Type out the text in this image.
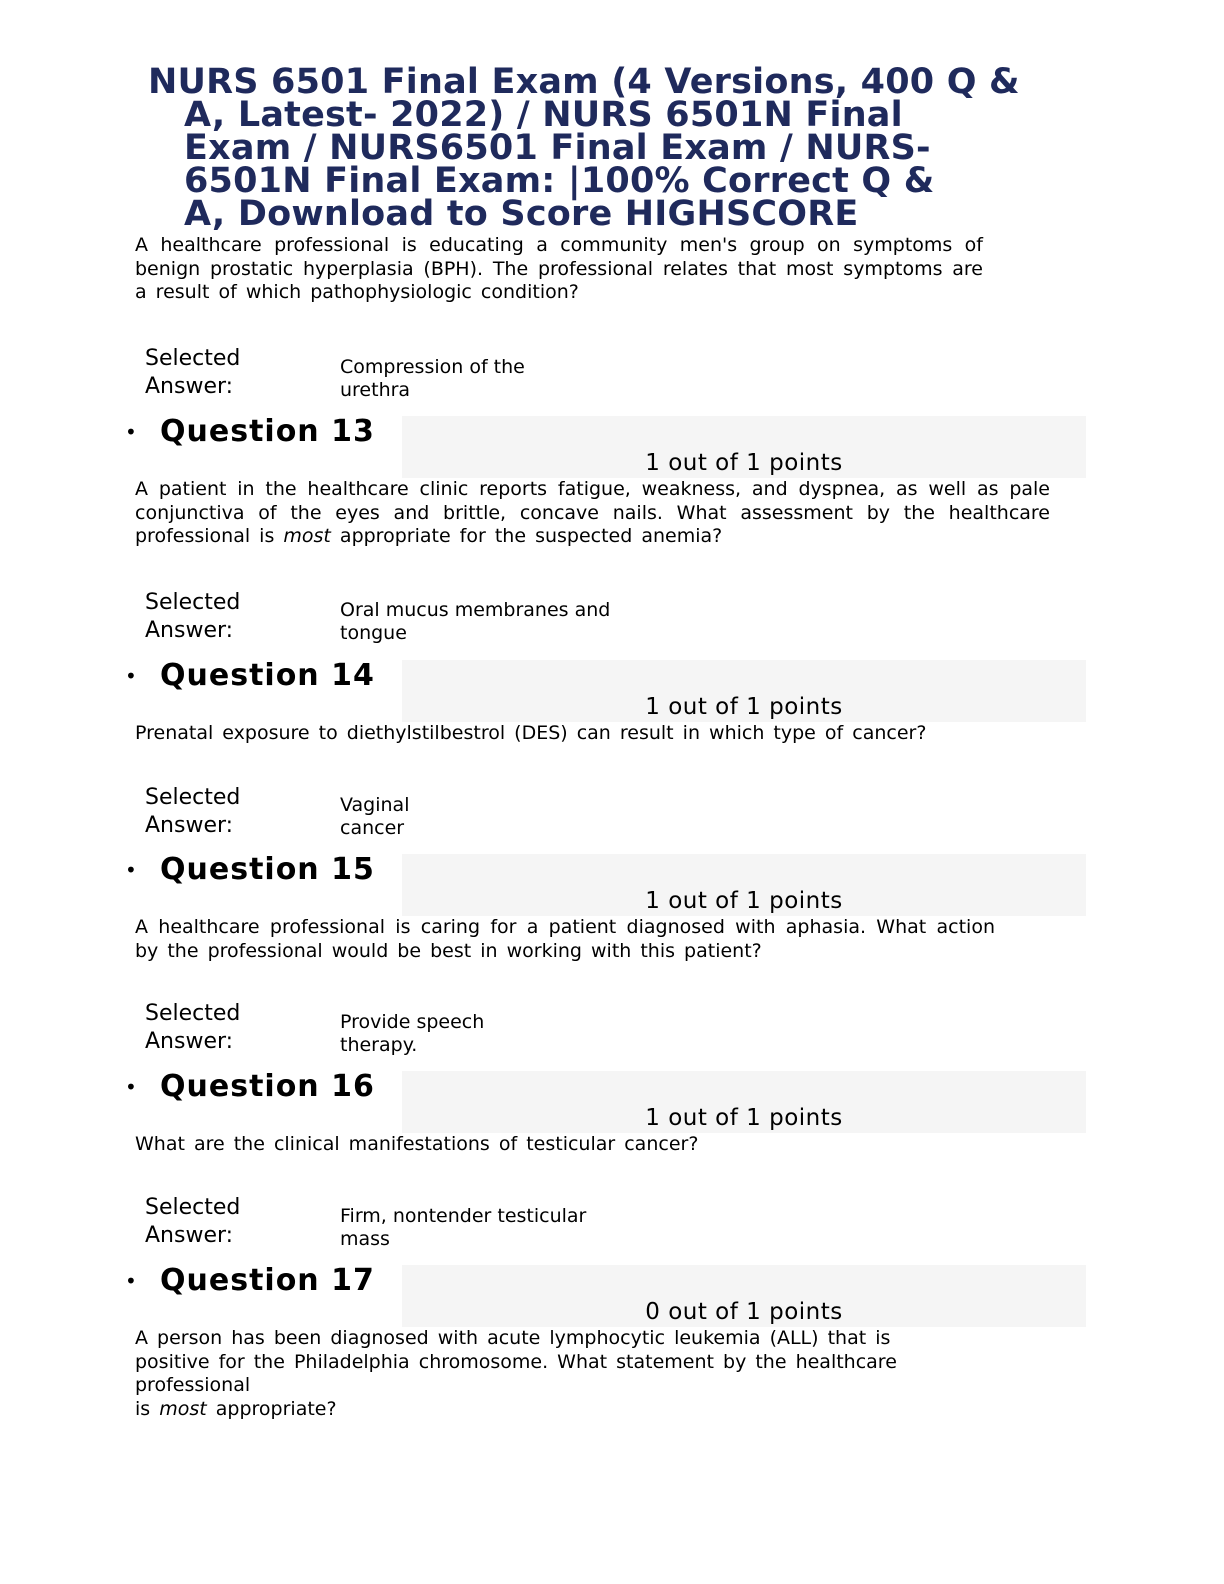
NURS 6501 Final Exam (4 Versions, 400 Q &
A, Latest- 2022) / NURS 6501N Final
Exam / NURS6501 Final Exam / NURS-
6501N Final Exam: |100% Correct Q &
A, Download to Score HIGHSCORE
A healthcare professional is educating a community men's group on symptoms of benign prostatic hyperplasia (BPH). The professional relates that most symptoms are a result of which pathophysiologic condition?
Selected Answer:
Compression of the urethra
1 out of 1 points
• Question 13
A patient in the healthcare clinic reports fatigue, weakness, and dyspnea, as well as pale conjunctiva of the eyes and brittle, concave nails. What assessment by the healthcare professional is most appropriate for the suspected anemia?
Selected Answer:
Oral mucus membranes and tongue
1 out of 1 points
• Question 14
Prenatal exposure to diethylstilbestrol (DES) can result in which type of cancer?
Selected Answer:
Vaginal cancer
1 out of 1 points
• Question 15
A healthcare professional is caring for a patient diagnosed with aphasia. What action by the professional would be best in working with this patient?
Selected Answer:
Provide speech therapy.
1 out of 1 points
• Question 16
What are the clinical manifestations of testicular cancer?
Selected Answer:
Firm, nontender testicular mass
0 out of 1 points
• Question 17
A person has been diagnosed with acute lymphocytic leukemia (ALL) that is
positive for the Philadelphia chromosome. What statement by the healthcare
professional
is most appropriate?
